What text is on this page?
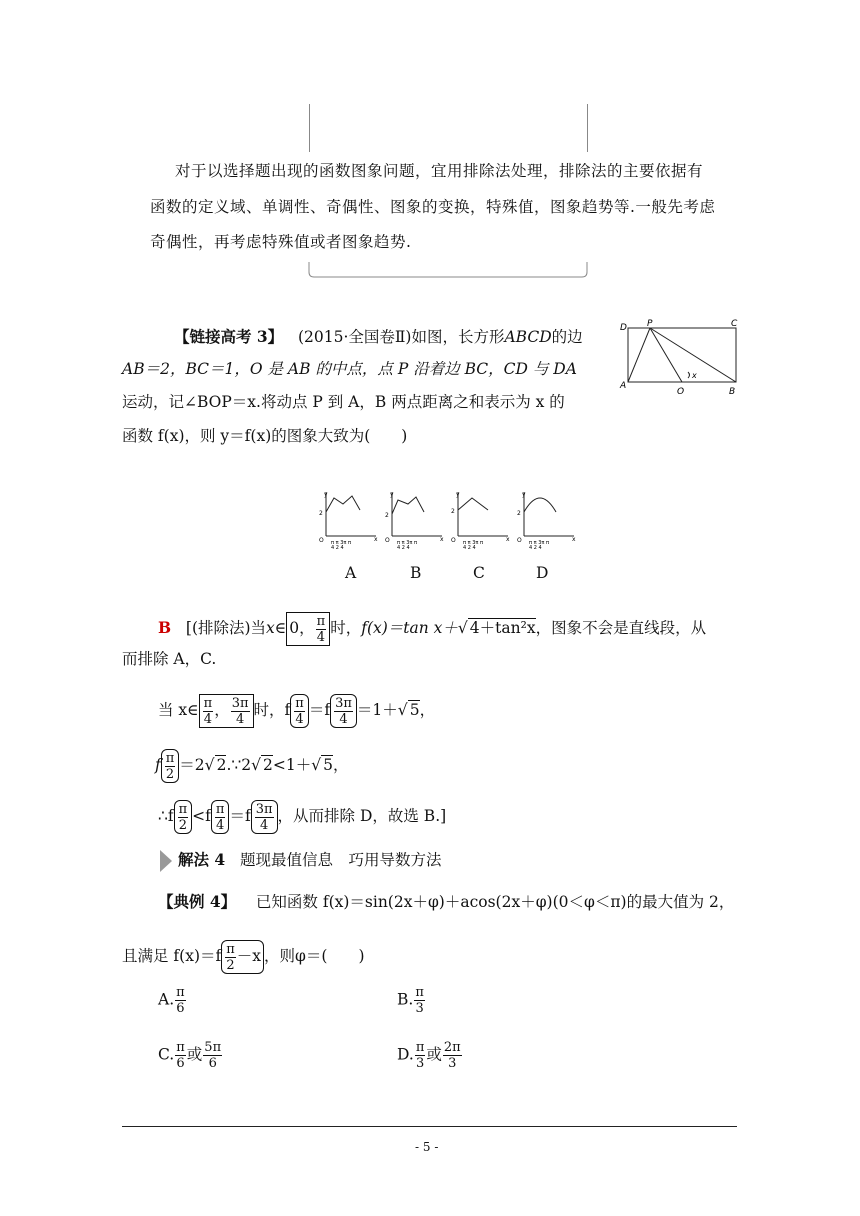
对于以选择题出现的函数图象问题，宜用排除法处理，排除法的主要依据有
函数的定义域、单调性、奇偶性、图象的变换，特殊值，图象趋势等.一般先考虑
奇偶性，再考虑特殊值或者图象趋势.
【链接高考 3】 (2015·全国卷Ⅱ)如图，长方形ABCD的边
AB＝2，BC＝1，O 是 AB 的中点，点 P 沿着边 BC，CD 与 DA
运动，记∠BOP＝x.将动点 P 到 A，B 两点距离之和表示为 x 的
函数 f(x)，则 y＝f(x)的图象大致为(　　)
D P	C
A
O	B
x
y
2
O	x
π π 3π π
4 2 4
y
2
O	x
π π 3π π
4 2 4
y
2
O	x
π π 3π π
4 2 4
y
2
O	x
π π 3π π
4 2 4
A	B	C	D
B [(排除法)当x∈ 0， $\frac{\pi}{4}$ 时，f(x)＝tan x＋√ 4＋tan²x，图象不会是直线段，从
而排除 A，C.
当 x∈ $\frac{\pi}{4}$ ， $\frac{3\pi}{4}$ 时，f $\frac{\pi}{4} =f \frac{3\pi}{4} =1+√$ 5，
f $\frac{\pi}{2} =2√$ 2.∵2√ 2<1＋√ 5，
∴f $\frac{\pi}{2} <f \frac{\pi}{4} =f \frac{3\pi}{4}$ ，从而排除 D，故选 B.]
解法 4 题现最值信息　巧用导数方法
【典例 4】 已知函数 f(x)＝sin(2x＋φ)＋acos(2x＋φ)(0＜φ＜π)的最大值为 2，
且满足 $f(x)=f \frac{\pi}{2} -x$ ，则φ＝(　　)
A. $\frac{\pi}{6}$	B. $\frac{\pi}{3}$
C. $\frac{\pi}{6}$ 或 $\frac{5\pi}{6}$	D. $\frac{\pi}{3}$ 或 $\frac{2\pi}{3}$
- 5 -
